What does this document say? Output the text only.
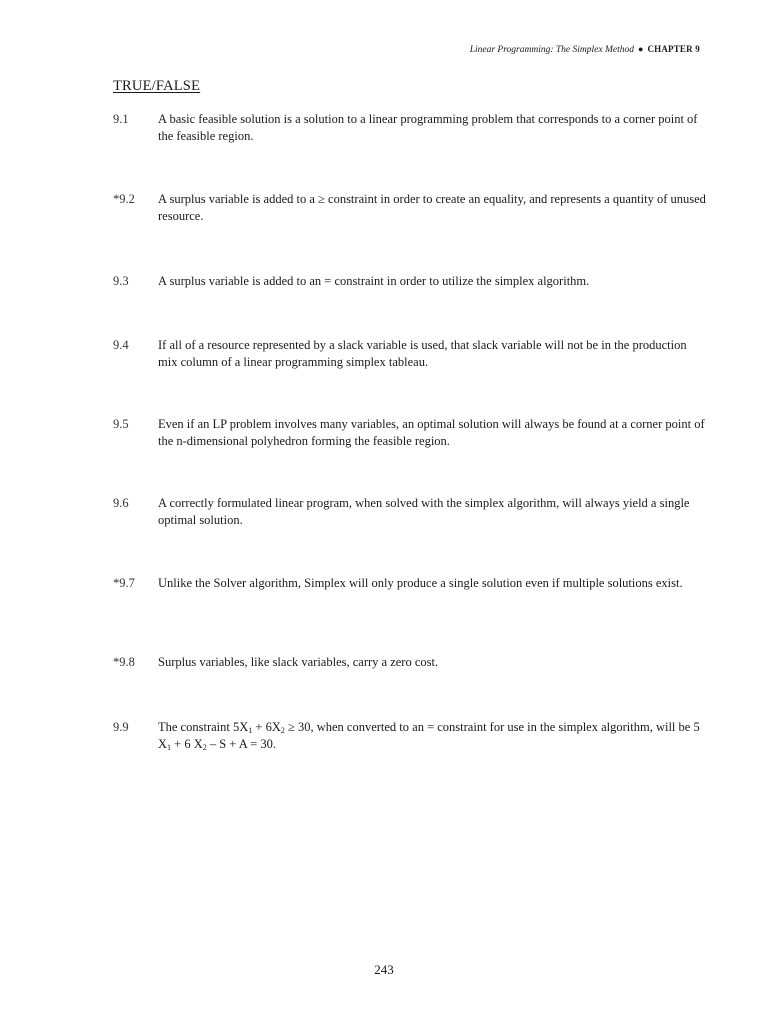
Linear Programming: The Simplex Method ● CHAPTER 9
TRUE/FALSE
9.1 A basic feasible solution is a solution to a linear programming problem that corresponds to a corner point of the feasible region.
*9.2 A surplus variable is added to a ≥ constraint in order to create an equality, and represents a quantity of unused resource.
9.3 A surplus variable is added to an = constraint in order to utilize the simplex algorithm.
9.4 If all of a resource represented by a slack variable is used, that slack variable will not be in the production mix column of a linear programming simplex tableau.
9.5 Even if an LP problem involves many variables, an optimal solution will always be found at a corner point of the n-dimensional polyhedron forming the feasible region.
9.6 A correctly formulated linear program, when solved with the simplex algorithm, will always yield a single optimal solution.
*9.7 Unlike the Solver algorithm, Simplex will only produce a single solution even if multiple solutions exist.
*9.8 Surplus variables, like slack variables, carry a zero cost.
9.9 The constraint $5X_1 + 6X_2 \ge 30$, when converted to an = constraint for use in the simplex algorithm, will be 5 $X_1 + 6$ $X_2 - S + A = 30$.
243
